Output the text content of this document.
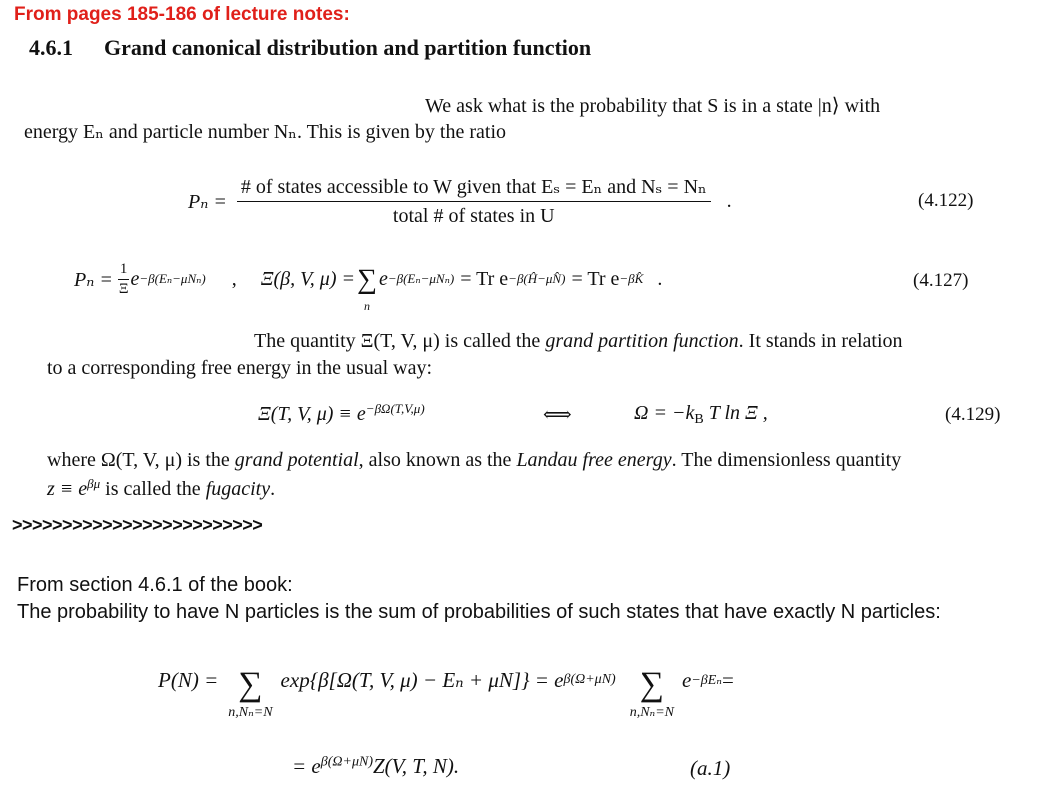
From pages 185-186 of lecture notes:
4.6.1 Grand canonical distribution and partition function
We ask what is the probability that S is in a state |n⟩ with
energy Eₙ and particle number Nₙ. This is given by the ratio
$P_n = \frac{\text{\# of states accessible to W given that Eₛ = Eₙ and Nₛ = Nₙ}}{\text{total \# of states in U}}$ .	(4.122)
$P_n = \frac{1}{\Xi}$ e −β(Eₙ−μNₙ) , Ξ(β, V, μ) = ∑
n
e −β(Eₙ−μNₙ) = Tr e −β(Ĥ−μN̂) = Tr e −βK̂ .	(4.127)
The quantity Ξ(T, V, μ) is called the grand partition function. It stands in relation
to a corresponding free energy in the usual way:
Ξ(T, V, $\mu) \equiv e^{-\beta\Omega(T,V,\mu)}$	⟺	$\Omega = -k_B$ T ln Ξ ,	(4.129)
where Ω(T, V, μ) is the grand potential, also known as the Landau free energy. The dimensionless quantity
$z \equiv e^{\beta\mu}$ is called the fugacity.
>>>>>>>>>>>>>>>>>>>>>>>>>
From section 4.6.1 of the book:
The probability to have N particles is the sum of probabilities of such states that have exactly N particles:
P(N) = ∑
n,Nₙ=N
exp{β[Ω(T, V, μ) − Eₙ + μN]} = e β(Ω+μN) ∑
n,Nₙ=N
e −βEₙ =
= $e^{\beta(\Omega+\mu N)}Z(V$, T, N).	(a.1)
